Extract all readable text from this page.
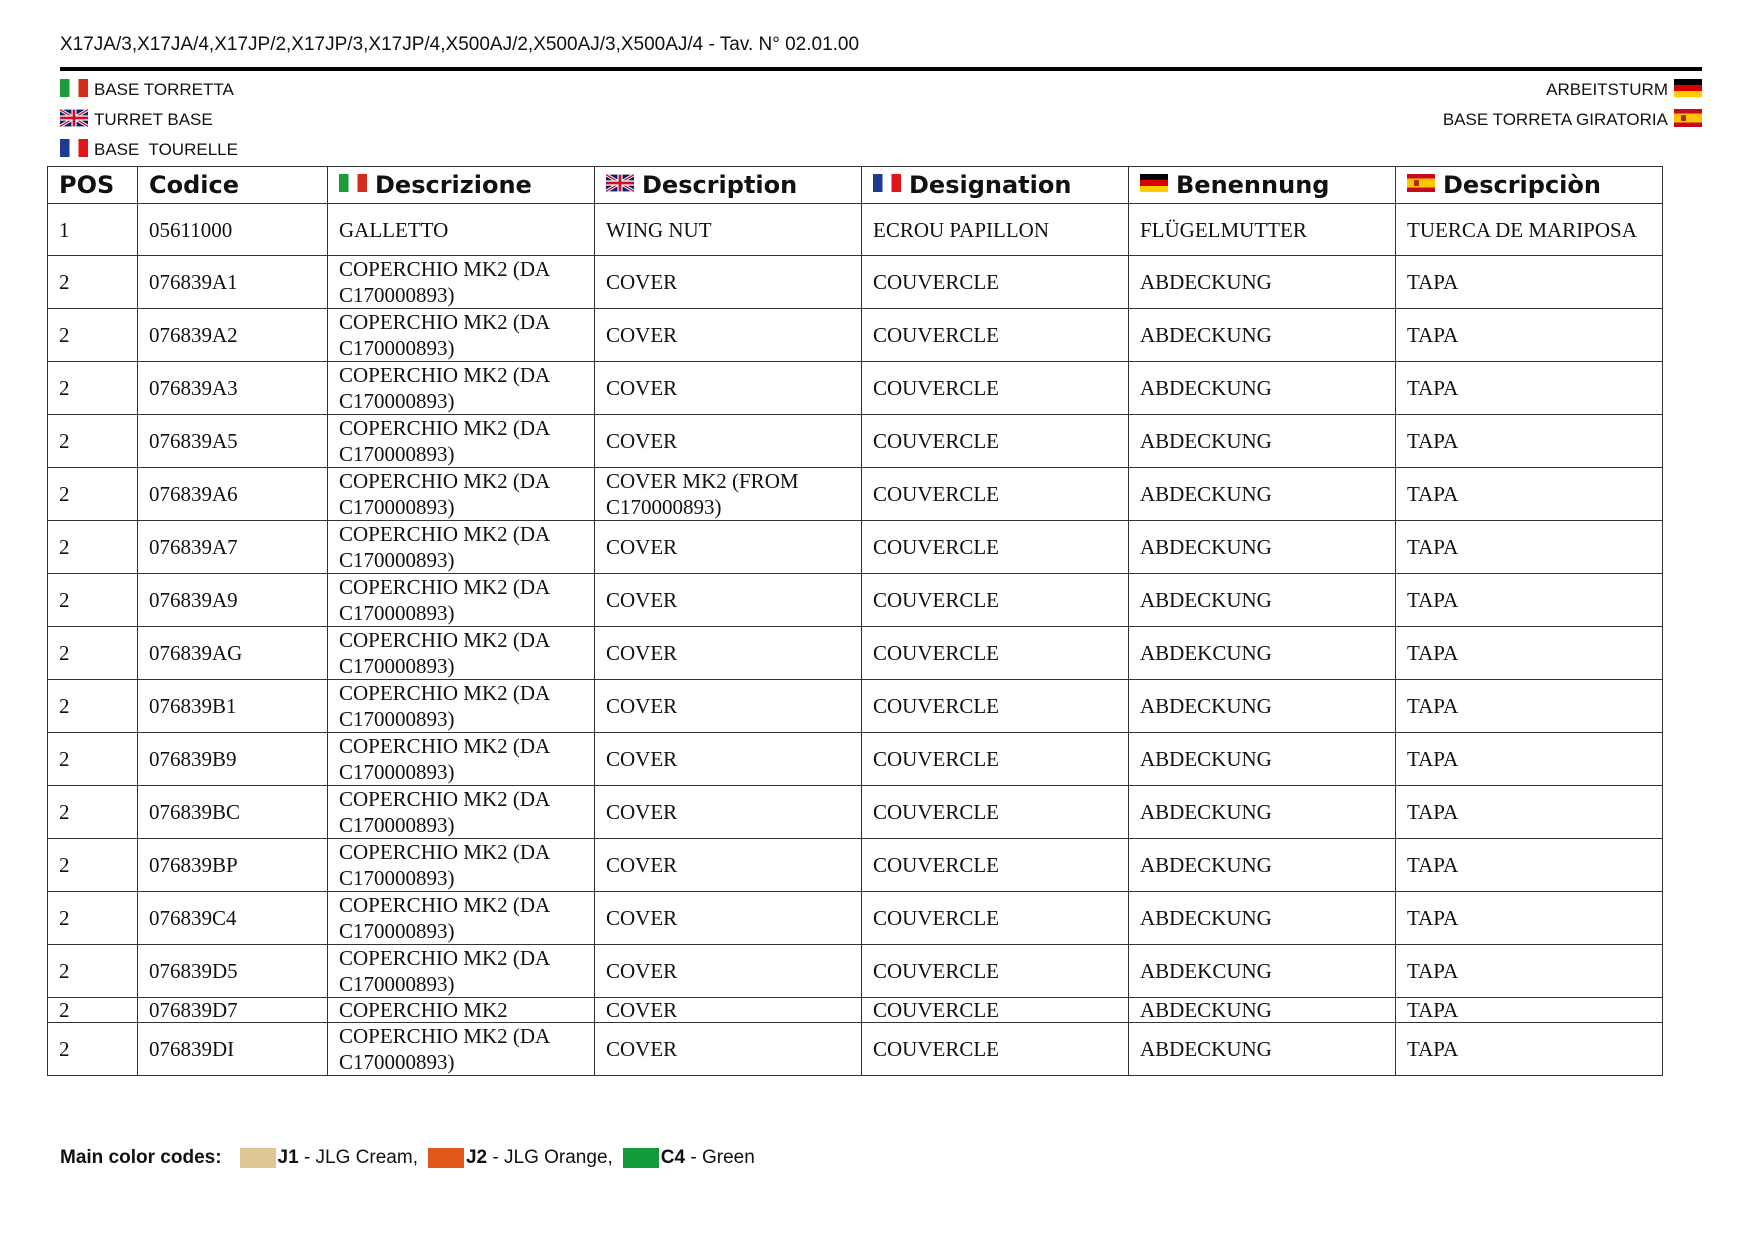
X17JA/3,X17JA/4,X17JP/2,X17JP/3,X17JP/4,X500AJ/2,X500AJ/3,X500AJ/4 - Tav. N° 02.01.00
BASE TORRETTA
TURRET BASE
BASE  TOURELLE
ARBEITSTURM
BASE TORRETA GIRATORIA
POS	Codice	Descrizione	Description	Designation	Benennung	Descripciòn
1	05611000	GALLETTO	WING NUT	ECROU PAPILLON	FLÜGELMUTTER	TUERCA DE MARIPOSA
2	076839A1	COPERCHIO MK2 (DA C170000893)	COVER	COUVERCLE	ABDECKUNG	TAPA
2	076839A2	COPERCHIO MK2 (DA C170000893)	COVER	COUVERCLE	ABDECKUNG	TAPA
2	076839A3	COPERCHIO MK2 (DA C170000893)	COVER	COUVERCLE	ABDECKUNG	TAPA
2	076839A5	COPERCHIO MK2 (DA C170000893)	COVER	COUVERCLE	ABDECKUNG	TAPA
2	076839A6	COPERCHIO MK2 (DA C170000893)	COVER MK2 (FROM C170000893)	COUVERCLE	ABDECKUNG	TAPA
2	076839A7	COPERCHIO MK2 (DA C170000893)	COVER	COUVERCLE	ABDECKUNG	TAPA
2	076839A9	COPERCHIO MK2 (DA C170000893)	COVER	COUVERCLE	ABDECKUNG	TAPA
2	076839AG	COPERCHIO MK2 (DA C170000893)	COVER	COUVERCLE	ABDEKCUNG	TAPA
2	076839B1	COPERCHIO MK2 (DA C170000893)	COVER	COUVERCLE	ABDECKUNG	TAPA
2	076839B9	COPERCHIO MK2 (DA C170000893)	COVER	COUVERCLE	ABDECKUNG	TAPA
2	076839BC	COPERCHIO MK2 (DA C170000893)	COVER	COUVERCLE	ABDECKUNG	TAPA
2	076839BP	COPERCHIO MK2 (DA C170000893)	COVER	COUVERCLE	ABDECKUNG	TAPA
2	076839C4	COPERCHIO MK2 (DA C170000893)	COVER	COUVERCLE	ABDECKUNG	TAPA
2	076839D5	COPERCHIO MK2 (DA C170000893)	COVER	COUVERCLE	ABDEKCUNG	TAPA
2	076839D7	COPERCHIO MK2	COVER	COUVERCLE	ABDECKUNG	TAPA
2	076839DI	COPERCHIO MK2 (DA C170000893)	COVER	COUVERCLE	ABDECKUNG	TAPA
Main color codes:	J1 - JLG Cream,	J2 - JLG Orange,	C4 - Green
